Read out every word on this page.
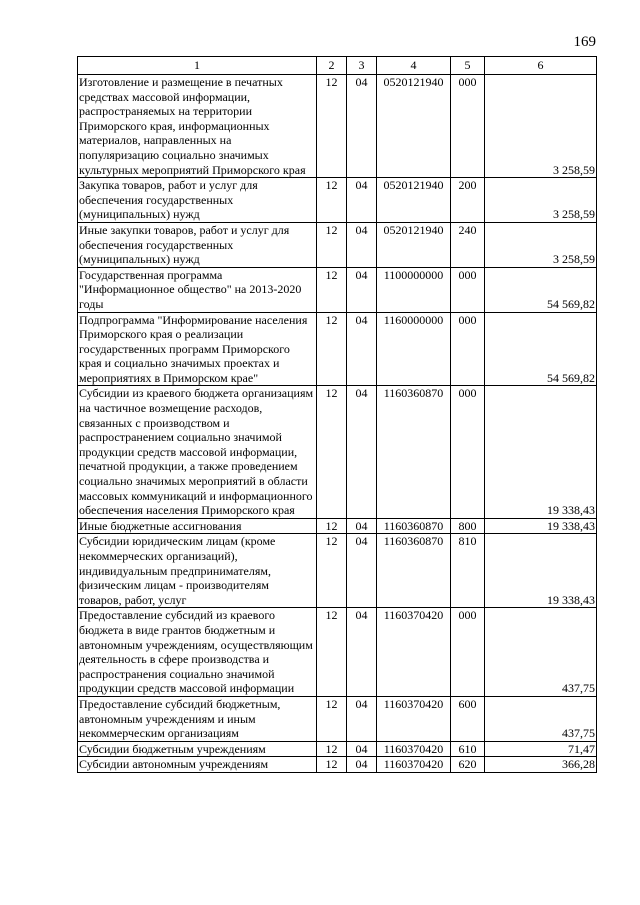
169
1	2	3	4	5	6
Изготовление и размещение в печатных средствах массовой информации, распространяемых на территории Приморского края, информационных материалов, направленных на популяризацию социально значимых культурных мероприятий Приморского края	12	04	0520121940	000	3 258,59
Закупка товаров, работ и услуг для обеспечения государственных (муниципальных) нужд	12	04	0520121940	200	3 258,59
Иные закупки товаров, работ и услуг для обеспечения государственных (муниципальных) нужд	12	04	0520121940	240	3 258,59
Государственная программа "Информационное общество" на 2013-2020 годы	12	04	1100000000	000	54 569,82
Подпрограмма "Информирование населения Приморского края о реализации государственных программ Приморского края и социально значимых проектах и мероприятиях в Приморском крае"	12	04	1160000000	000	54 569,82
Субсидии из краевого бюджета организациям на частичное возмещение расходов, связанных с производством и распространением социально значимой продукции средств массовой информации, печатной продукции, а также проведением социально значимых мероприятий в области массовых коммуникаций и информационного обеспечения населения Приморского края	12	04	1160360870	000	19 338,43
Иные бюджетные ассигнования	12	04	1160360870	800	19 338,43
Субсидии юридическим лицам (кроме некоммерческих организаций), индивидуальным предпринимателям, физическим лицам - производителям товаров, работ, услуг	12	04	1160360870	810	19 338,43
Предоставление субсидий из краевого бюджета в виде грантов бюджетным и автономным учреждениям, осуществляющим деятельность в сфере производства и распространения социально значимой продукции средств массовой информации	12	04	1160370420	000	437,75
Предоставление субсидий бюджетным, автономным учреждениям и иным некоммерческим организациям	12	04	1160370420	600	437,75
Субсидии бюджетным учреждениям	12	04	1160370420	610	71,47
Субсидии автономным учреждениям	12	04	1160370420	620	366,28
